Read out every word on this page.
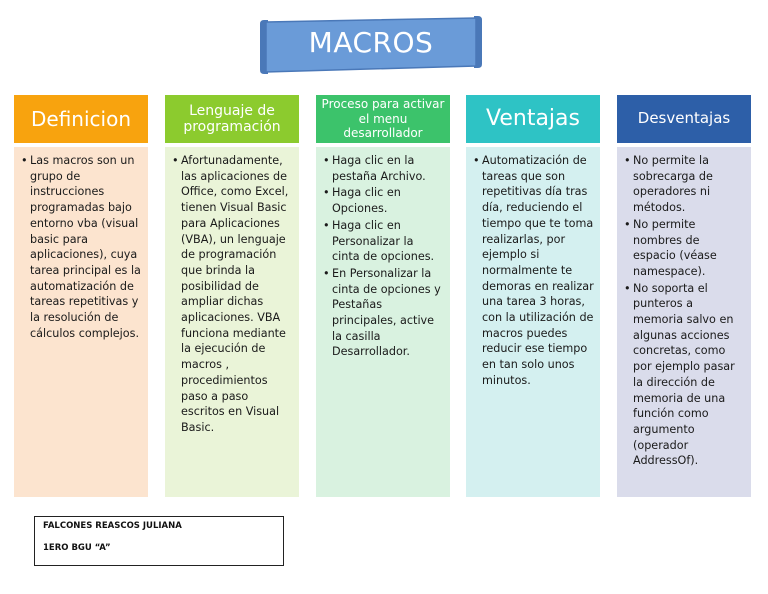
MACROS
Definicion
• Las macros son un grupo de instrucciones programadas bajo entorno vba (visual basic para aplicaciones), cuya tarea principal es la automatización de tareas repetitivas y la resolución de cálculos complejos.
Lenguaje de programación
• Afortunadamente, las aplicaciones de Office, como Excel, tienen Visual Basic para Aplicaciones (VBA), un lenguaje de programación que brinda la posibilidad de ampliar dichas aplicaciones. VBA funciona mediante la ejecución de macros , procedimientos paso a paso escritos en Visual Basic.
Proceso para activar el menu desarrollador
• Haga clic en la pestaña Archivo.
• Haga clic en Opciones.
• Haga clic en Personalizar la cinta de opciones.
• En Personalizar la cinta de opciones y Pestañas principales, active la casilla Desarrollador.
Ventajas
• Automatización de tareas que son repetitivas día tras día, reduciendo el tiempo que te toma realizarlas, por ejemplo si normalmente te demoras en realizar una tarea 3 horas, con la utilización de macros puedes reducir ese tiempo en tan solo unos minutos.
Desventajas
• No permite la sobrecarga de operadores ni métodos.
• No permite nombres de espacio (véase namespace).
• No soporta el punteros a memoria salvo en algunas acciones concretas, como por ejemplo pasar la dirección de memoria de una función como argumento (operador AddressOf).
FALCONES REASCOS JULIANA
1ERO BGU “A”
